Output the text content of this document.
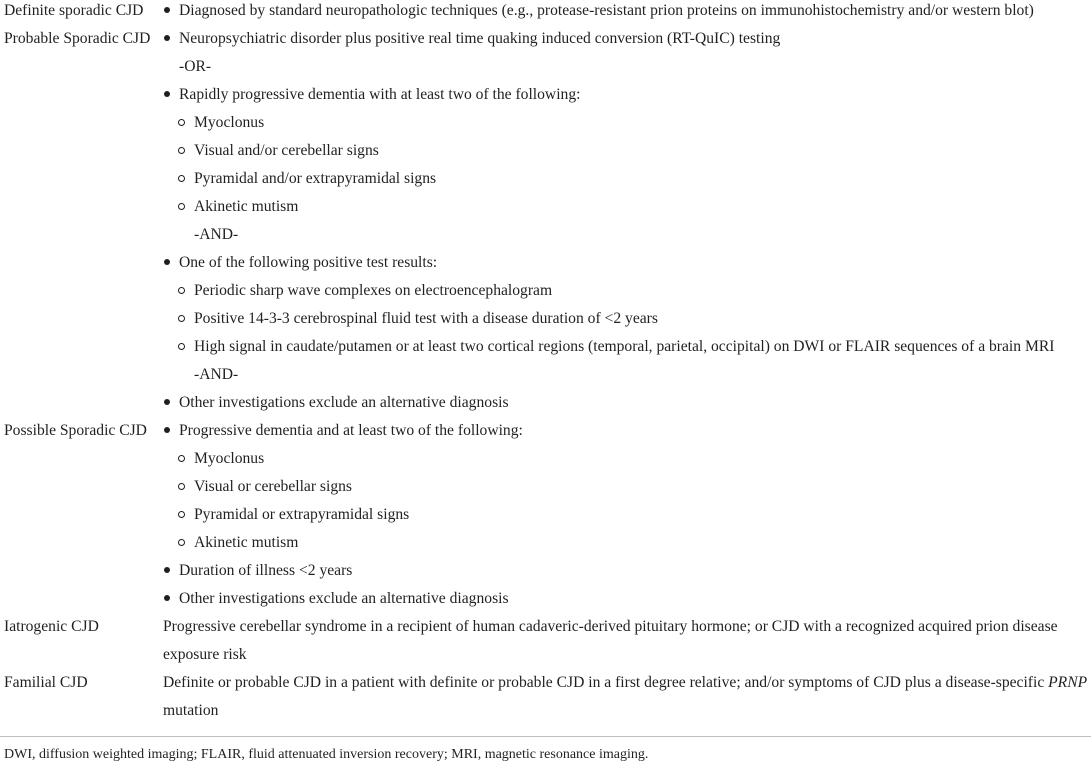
Definite sporadic CJD Diagnosed by standard neuropathologic techniques (e.g., protease-resistant prion proteins on immunohistochemistry and/or western blot)
Probable Sporadic CJD Neuropsychiatric disorder plus positive real time quaking induced conversion (RT-QuIC) testing
-OR-
Rapidly progressive dementia with at least two of the following:
Myoclonus
Visual and/or cerebellar signs
Pyramidal and/or extrapyramidal signs
Akinetic mutism
-AND-
One of the following positive test results:
Periodic sharp wave complexes on electroencephalogram
Positive 14-3-3 cerebrospinal fluid test with a disease duration of <2 years
High signal in caudate/putamen or at least two cortical regions (temporal, parietal, occipital) on DWI or FLAIR sequences of a brain MRI
-AND-
Other investigations exclude an alternative diagnosis
Possible Sporadic CJD Progressive dementia and at least two of the following:
Myoclonus
Visual or cerebellar signs
Pyramidal or extrapyramidal signs
Akinetic mutism
Duration of illness <2 years
Other investigations exclude an alternative diagnosis
Iatrogenic CJD	Progressive cerebellar syndrome in a recipient of human cadaveric-derived pituitary hormone; or CJD with a recognized acquired prion disease
exposure risk
Familial CJD	Definite or probable CJD in a patient with definite or probable CJD in a first degree relative; and/or symptoms of CJD plus a disease-specific PRNP
mutation
DWI, diffusion weighted imaging; FLAIR, fluid attenuated inversion recovery; MRI, magnetic resonance imaging.
